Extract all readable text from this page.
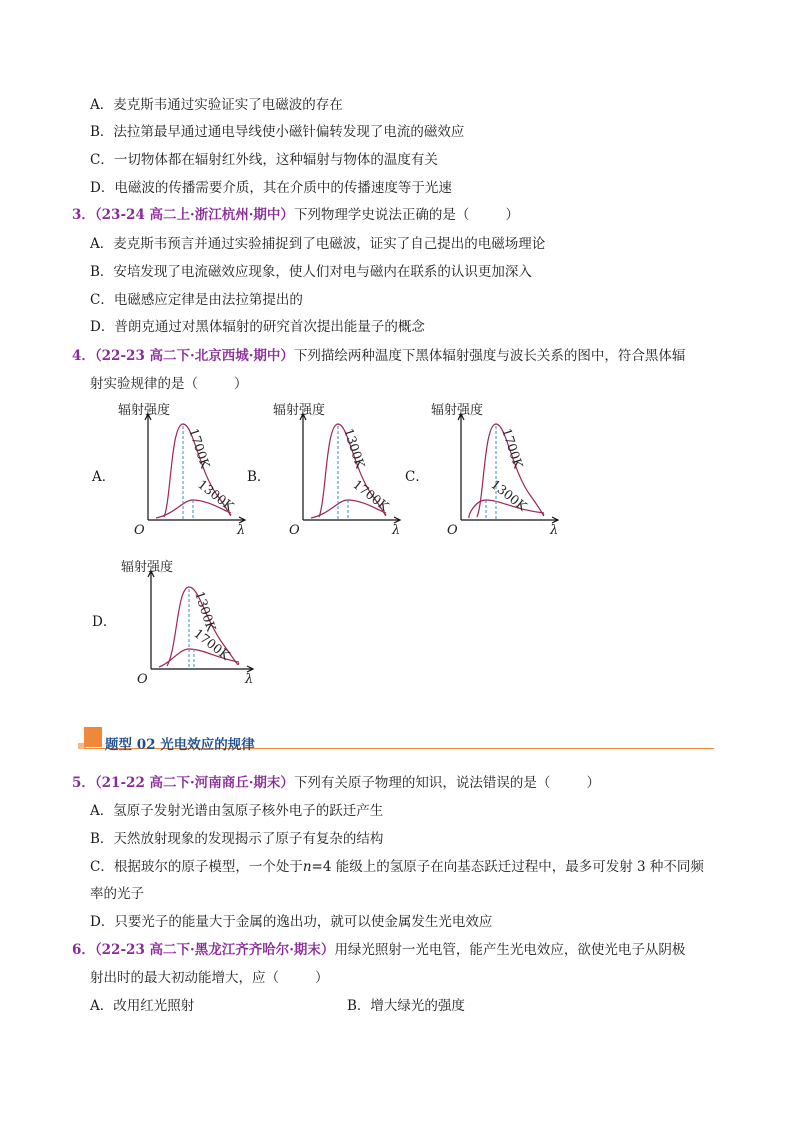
A．麦克斯韦通过实验证实了电磁波的存在
B．法拉第最早通过通电导线使小磁针偏转发现了电流的磁效应
C．一切物体都在辐射红外线，这种辐射与物体的温度有关
D．电磁波的传播需要介质，其在介质中的传播速度等于光速
3．（23-24 高二上·浙江杭州·期中）下列物理学史说法正确的是（	）
A．麦克斯韦预言并通过实验捕捉到了电磁波，证实了自己提出的电磁场理论
B．安培发现了电流磁效应现象，使人们对电与磁内在联系的认识更加深入
C．电磁感应定律是由法拉第提出的
D．普朗克通过对黑体辐射的研究首次提出能量子的概念
4．（22-23 高二下·北京西城·期中）下列描绘两种温度下黑体辐射强度与波长关系的图中，符合黑体辐
射实验规律的是（	）
A．
辐射强度
O	λ
1700K
1300K B．
辐射强度
O	λ
1300K
1700K C．
辐射强度
O	λ
1700K
1300K
D．
辐射强度
O	λ
1300K
1700K
题型 02 光电效应的规律
5．（21-22 高二下·河南商丘·期末）下列有关原子物理的知识，说法错误的是（	）
A．氢原子发射光谱由氢原子核外电子的跃迁产生
B．天然放射现象的发现揭示了原子有复杂的结构
C．根据玻尔的原子模型，一个处于n=4 能级上的氢原子在向基态跃迁过程中，最多可发射 3 种不同频
率的光子
D．只要光子的能量大于金属的逸出功，就可以使金属发生光电效应
6．（22-23 高二下·黑龙江齐齐哈尔·期末）用绿光照射一光电管，能产生光电效应，欲使光电子从阴极
射出时的最大初动能增大，应（	）
A．改用红光照射	B．增大绿光的强度
